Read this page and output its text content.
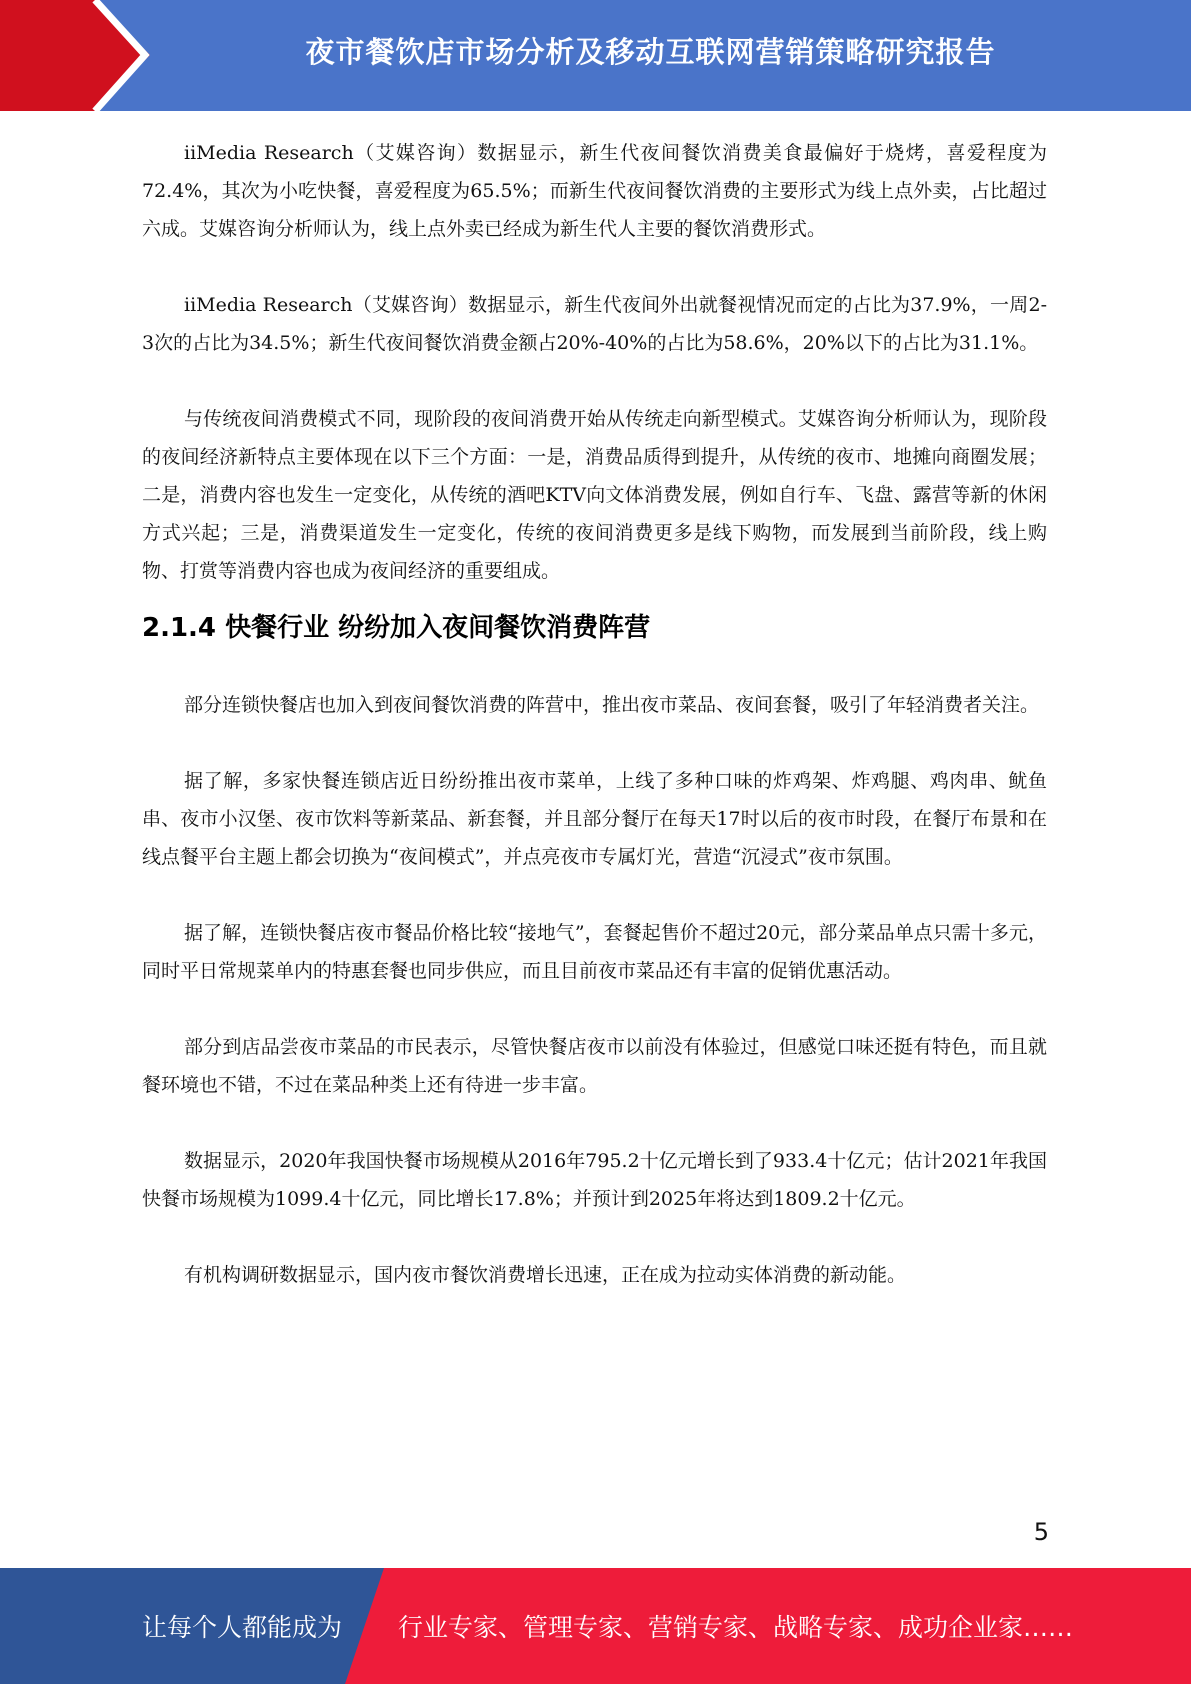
夜市餐饮店市场分析及移动互联网营销策略研究报告

iiMedia Research（艾媒咨询）数据显示，新生代夜间餐饮消费美食最偏好于烧烤，喜爱程度为72.4%，其次为小吃快餐，喜爱程度为65.5%；而新生代夜间餐饮消费的主要形式为线上点外卖，占比超过六成。艾媒咨询分析师认为，线上点外卖已经成为新生代人主要的餐饮消费形式。

iiMedia Research（艾媒咨询）数据显示，新生代夜间外出就餐视情况而定的占比为37.9%，一周2-3次的占比为34.5%；新生代夜间餐饮消费金额占20%-40%的占比为58.6%，20%以下的占比为31.1%。

与传统夜间消费模式不同，现阶段的夜间消费开始从传统走向新型模式。艾媒咨询分析师认为，现阶段的夜间经济新特点主要体现在以下三个方面：一是，消费品质得到提升，从传统的夜市、地摊向商圈发展；二是，消费内容也发生一定变化，从传统的酒吧KTV向文体消费发展，例如自行车、飞盘、露营等新的休闲方式兴起；三是，消费渠道发生一定变化，传统的夜间消费更多是线下购物，而发展到当前阶段，线上购物、打赏等消费内容也成为夜间经济的重要组成。

2.1.4 快餐行业 纷纷加入夜间餐饮消费阵营

部分连锁快餐店也加入到夜间餐饮消费的阵营中，推出夜市菜品、夜间套餐，吸引了年轻消费者关注。

据了解，多家快餐连锁店近日纷纷推出夜市菜单，上线了多种口味的炸鸡架、炸鸡腿、鸡肉串、鱿鱼串、夜市小汉堡、夜市饮料等新菜品、新套餐，并且部分餐厅在每天17时以后的夜市时段，在餐厅布景和在线点餐平台主题上都会切换为“夜间模式”，并点亮夜市专属灯光，营造“沉浸式”夜市氛围。

据了解，连锁快餐店夜市餐品价格比较“接地气”，套餐起售价不超过20元，部分菜品单点只需十多元，同时平日常规菜单内的特惠套餐也同步供应，而且目前夜市菜品还有丰富的促销优惠活动。

部分到店品尝夜市菜品的市民表示，尽管快餐店夜市以前没有体验过，但感觉口味还挺有特色，而且就餐环境也不错，不过在菜品种类上还有待进一步丰富。

数据显示，2020年我国快餐市场规模从2016年795.2十亿元增长到了933.4十亿元；估计2021年我国快餐市场规模为1099.4十亿元，同比增长17.8%；并预计到2025年将达到1809.2十亿元。

有机构调研数据显示，国内夜市餐饮消费增长迅速，正在成为拉动实体消费的新动能。

5
让每个人都能成为 行业专家、管理专家、营销专家、战略专家、成功企业家……
